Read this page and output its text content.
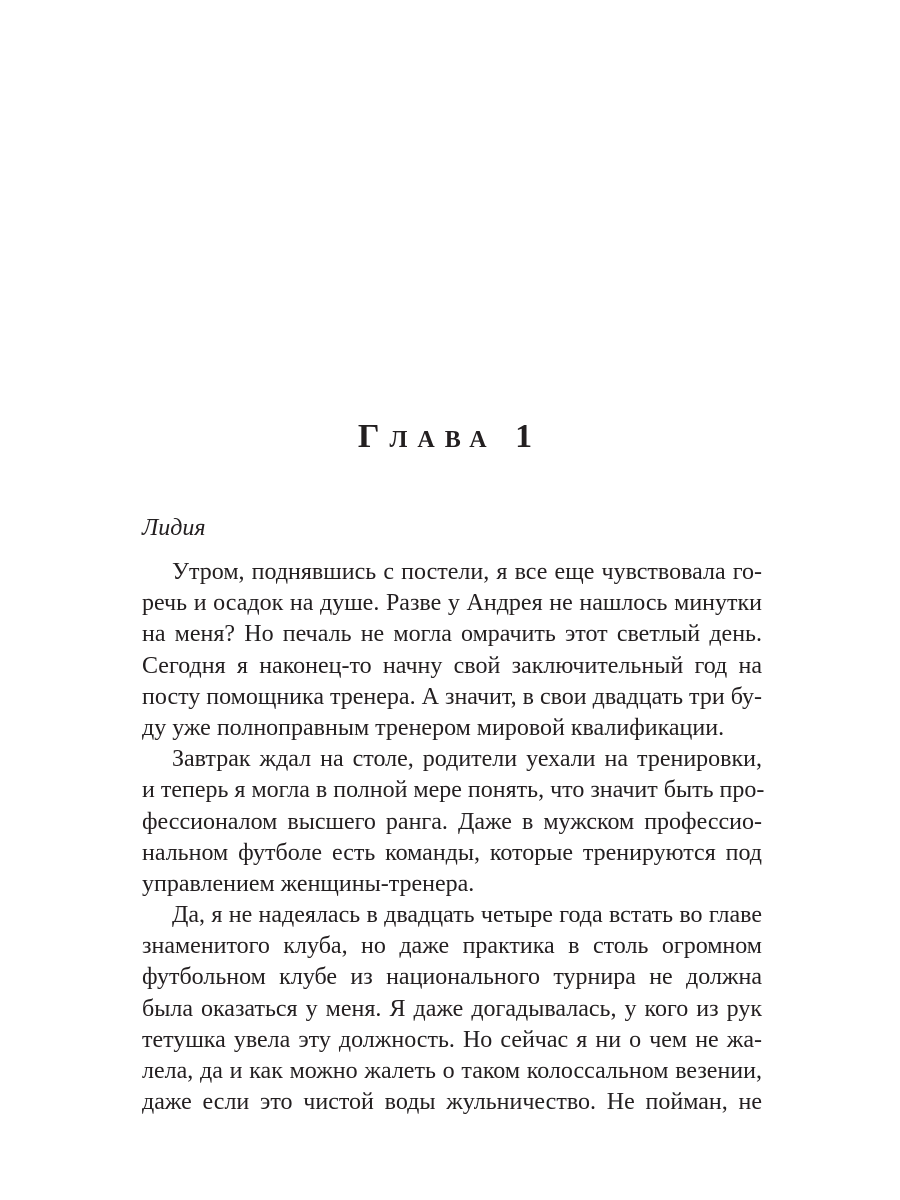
Глава 1
Лидия
Утром, поднявшись с постели, я все еще чувствовала го-
речь и осадок на душе. Разве у Андрея не нашлось минутки
на меня? Но печаль не могла омрачить этот светлый день.
Сегодня я наконец-то начну свой заключительный год на
посту помощника тренера. А значит, в свои двадцать три бу-
ду уже полноправным тренером мировой квалификации.
Завтрак ждал на столе, родители уехали на тренировки,
и теперь я могла в полной мере понять, что значит быть про-
фессионалом высшего ранга. Даже в мужском профессио-
нальном футболе есть команды, которые тренируются под
управлением женщины-тренера.
Да, я не надеялась в двадцать четыре года встать во главе
знаменитого клуба, но даже практика в столь огромном
футбольном клубе из национального турнира не должна
была оказаться у меня. Я даже догадывалась, у кого из рук
тетушка увела эту должность. Но сейчас я ни о чем не жа-
лела, да и как можно жалеть о таком колоссальном везении,
даже если это чистой воды жульничество. Не пойман, не
